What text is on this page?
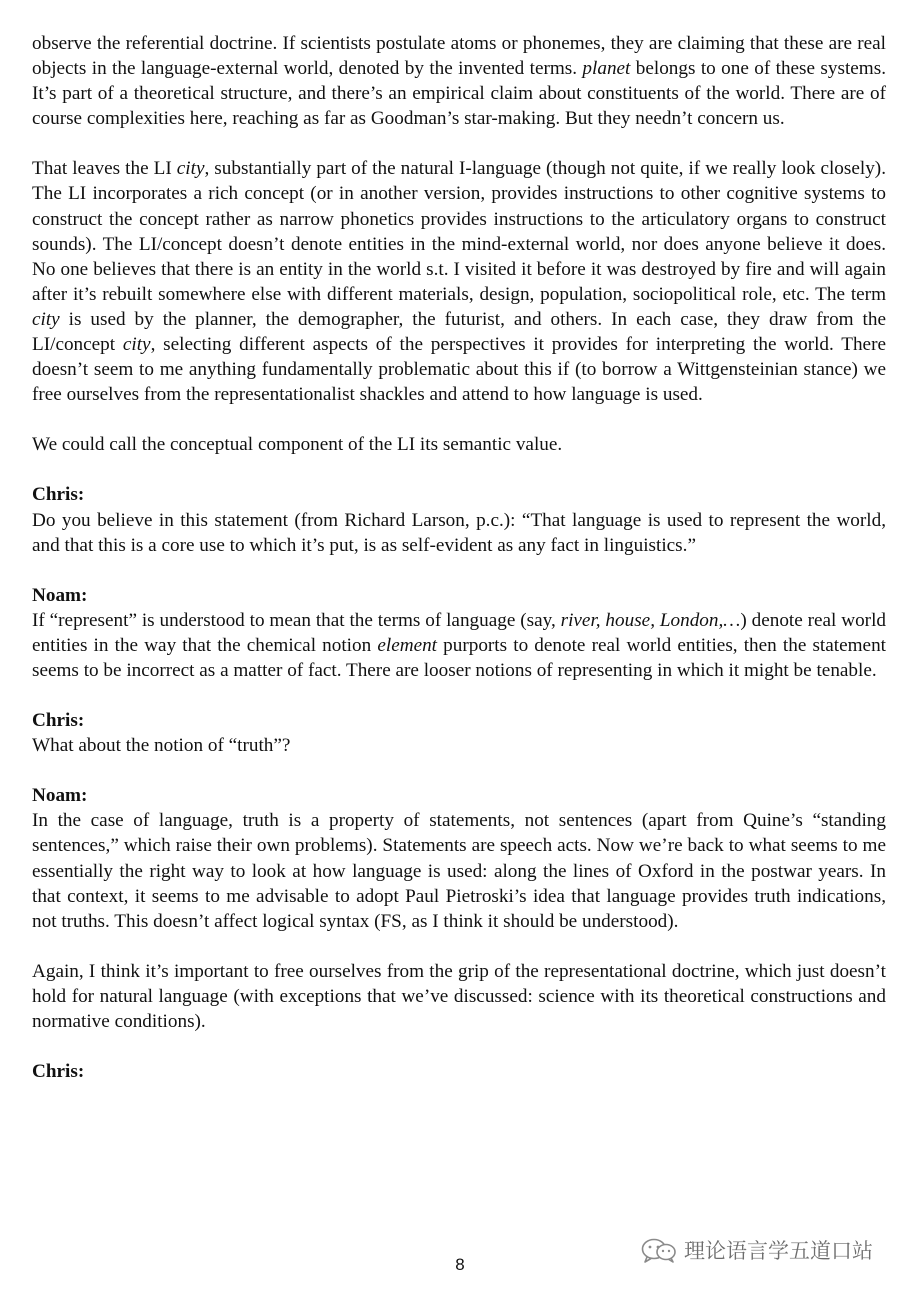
observe the referential doctrine. If scientists postulate atoms or phonemes, they are claiming that these are real objects in the language-external world, denoted by the invented terms. planet belongs to one of these systems. It’s part of a theoretical structure, and there’s an empirical claim about constituents of the world. There are of course complexities here, reaching as far as Goodman’s star-making. But they needn’t concern us.

That leaves the LI city, substantially part of the natural I-language (though not quite, if we really look closely). The LI incorporates a rich concept (or in another version, provides instructions to other cognitive systems to construct the concept rather as narrow phonetics provides instructions to the articulatory organs to construct sounds). The LI/concept doesn’t denote entities in the mind-external world, nor does anyone believe it does. No one believes that there is an entity in the world s.t. I visited it before it was destroyed by fire and will again after it’s rebuilt somewhere else with different materials, design, population, sociopolitical role, etc. The term city is used by the planner, the demographer, the futurist, and others. In each case, they draw from the LI/concept city, selecting different aspects of the perspectives it provides for interpreting the world. There doesn’t seem to me anything fundamentally problematic about this if (to borrow a Wittgensteinian stance) we free ourselves from the representationalist shackles and attend to how language is used.

We could call the conceptual component of the LI its semantic value.

Chris:
Do you believe in this statement (from Richard Larson, p.c.): “That language is used to represent the world, and that this is a core use to which it’s put, is as self-evident as any fact in linguistics.”

Noam:
If “represent” is understood to mean that the terms of language (say, river, house, London,…) denote real world entities in the way that the chemical notion element purports to denote real world entities, then the statement seems to be incorrect as a matter of fact. There are looser notions of representing in which it might be tenable.

Chris:
What about the notion of “truth”?

Noam:
In the case of language, truth is a property of statements, not sentences (apart from Quine’s “standing sentences,” which raise their own problems). Statements are speech acts. Now we’re back to what seems to me essentially the right way to look at how language is used: along the lines of Oxford in the postwar years. In that context, it seems to me advisable to adopt Paul Pietroski’s idea that language provides truth indications, not truths. This doesn’t affect logical syntax (FS, as I think it should be understood).

Again, I think it’s important to free ourselves from the grip of the representational doctrine, which just doesn’t hold for natural language (with exceptions that we’ve discussed: science with its theoretical constructions and normative conditions).

Chris:

8
理论语言学五道口站
